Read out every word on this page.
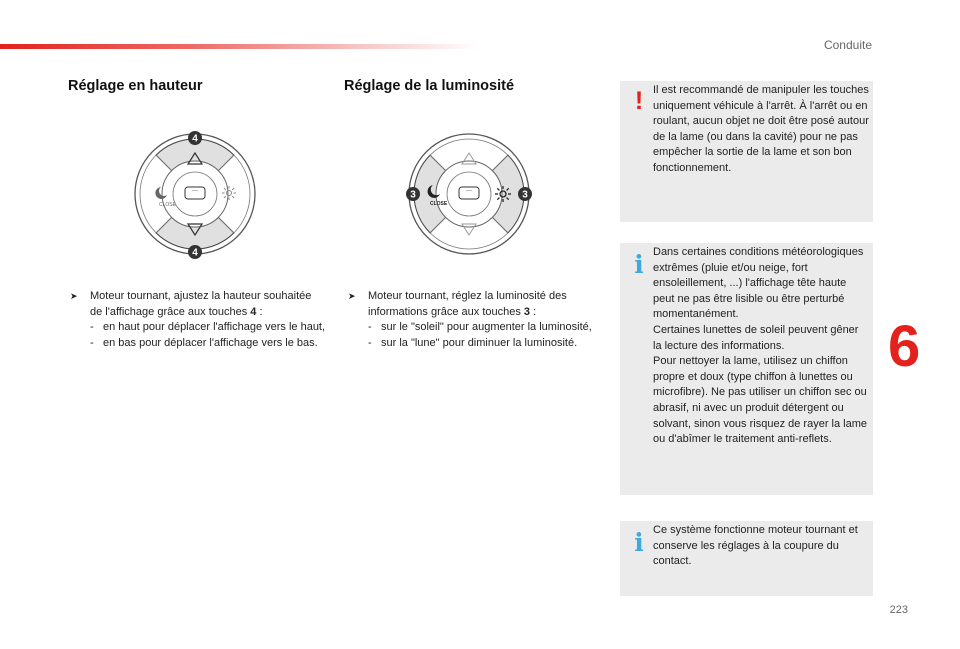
Conduite
6
223
Réglage en hauteur
CLOSE
⌒
4
4
➤	Moteur tournant, ajustez la hauteur souhaitée de l'affichage grâce aux touches 4 :
- en haut pour déplacer l'affichage vers le haut,
- en bas pour déplacer l'affichage vers le bas.
Réglage de la luminosité
CLOSE
⌒
3	3
➤	Moteur tournant, réglez la luminosité des informations grâce aux touches 3 :
- sur le "soleil" pour augmenter la luminosité,
- sur la "lune" pour diminuer la luminosité.
! Il est recommandé de manipuler les touches uniquement véhicule à l'arrêt. À l'arrêt ou en roulant, aucun objet ne doit être posé autour de la lame (ou dans la cavité) pour ne pas empêcher la sortie de la lame et son bon fonctionnement.

i Dans certaines conditions météorologiques extrêmes (pluie et/ou neige, fort ensoleillement, ...) l'affichage tête haute peut ne pas être lisible ou être perturbé momentanément.

Certaines lunettes de soleil peuvent gêner la lecture des informations.

Pour nettoyer la lame, utilisez un chiffon propre et doux (type chiffon à lunettes ou microfibre). Ne pas utiliser un chiffon sec ou abrasif, ni avec un produit détergent ou solvant, sinon vous risquez de rayer la lame ou d'abîmer le traitement anti-reflets.

i Ce système fonctionne moteur tournant et conserve les réglages à la coupure du contact.
